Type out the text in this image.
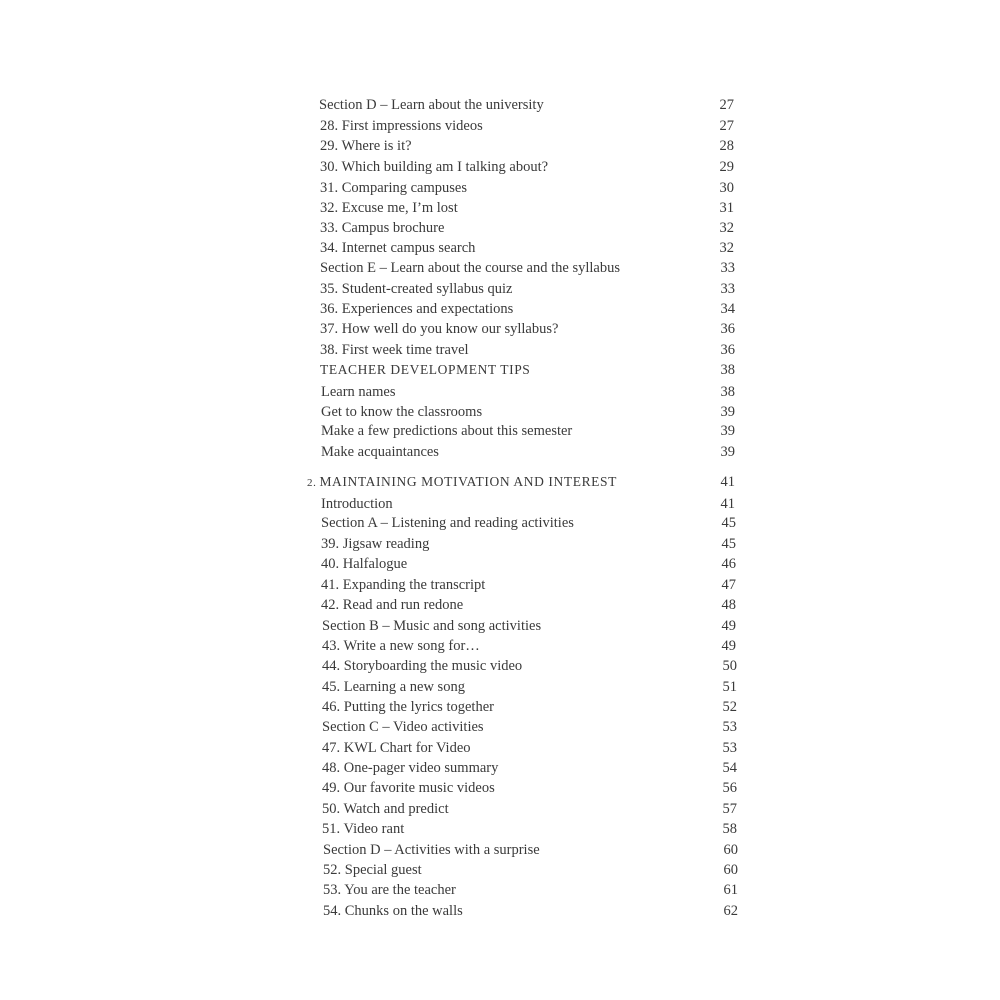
Section D – Learn about the university	27
28. First impressions videos	27
29. Where is it?	28
30. Which building am I talking about?	29
31. Comparing campuses	30
32. Excuse me, I’m lost	31
33. Campus brochure	32
34. Internet campus search	32
Section E – Learn about the course and the syllabus	33
35. Student-created syllabus quiz	33
36. Experiences and expectations	34
37. How well do you know our syllabus?	36
38. First week time travel	36
TEACHER DEVELOPMENT TIPS	38
Learn names	38
Get to know the classrooms	39
Make a few predictions about this semester	39
Make acquaintances	39
2. MAINTAINING MOTIVATION AND INTEREST	41
Introduction	41
Section A – Listening and reading activities	45
39. Jigsaw reading	45
40. Halfalogue	46
41. Expanding the transcript	47
42. Read and run redone	48
Section B – Music and song activities	49
43. Write a new song for…	49
44. Storyboarding the music video	50
45. Learning a new song	51
46. Putting the lyrics together	52
Section C – Video activities	53
47. KWL Chart for Video	53
48. One-pager video summary	54
49. Our favorite music videos	56
50. Watch and predict	57
51. Video rant	58
Section D – Activities with a surprise	60
52. Special guest	60
53. You are the teacher	61
54. Chunks on the walls	62
